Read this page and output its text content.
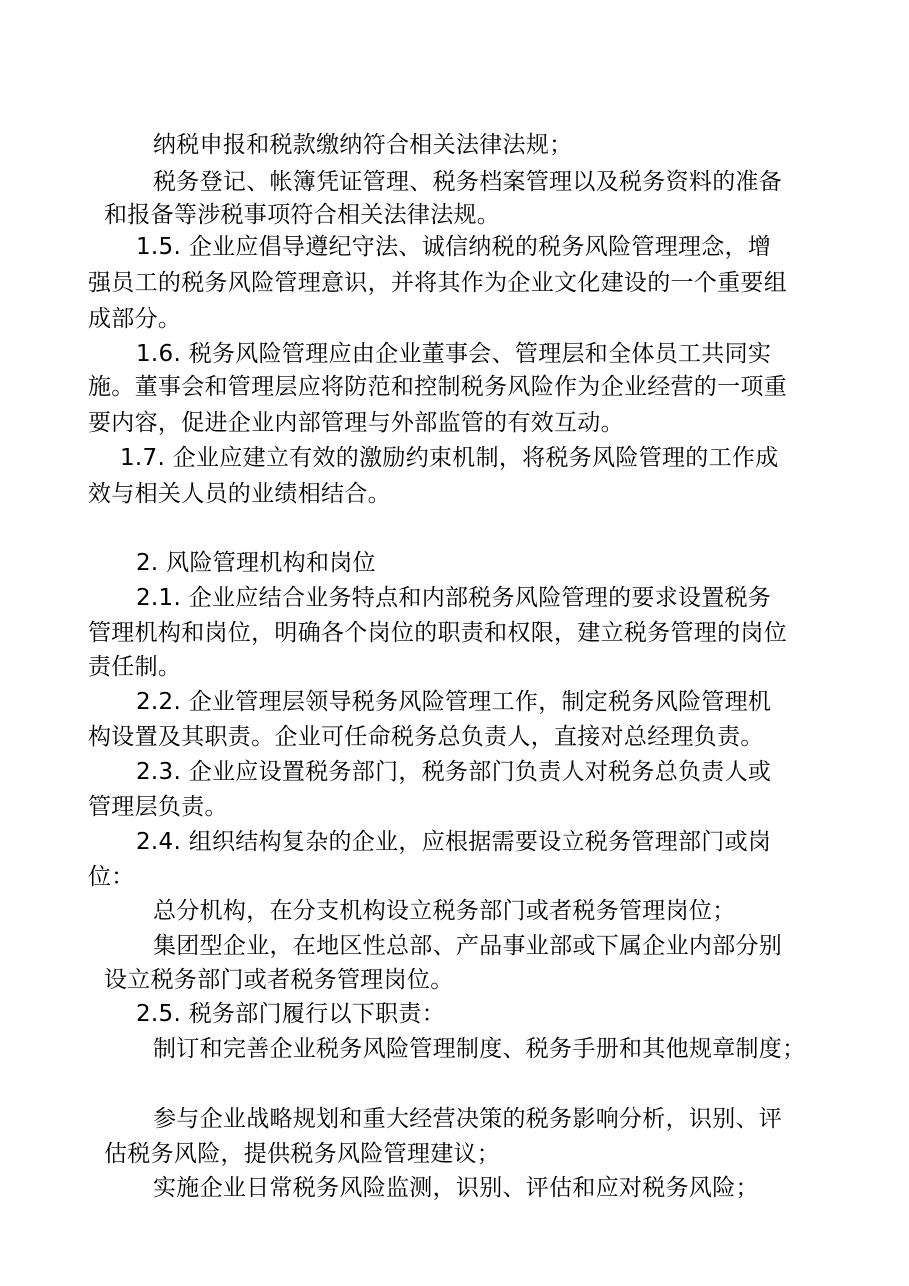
纳税申报和税款缴纳符合相关法律法规；
税务登记、帐簿凭证管理、税务档案管理以及税务资料的准备
和报备等涉税事项符合相关法律法规。
1.5. 企业应倡导遵纪守法、诚信纳税的税务风险管理理念，增
强员工的税务风险管理意识，并将其作为企业文化建设的一个重要组
成部分。
1.6. 税务风险管理应由企业董事会、管理层和全体员工共同实
施。董事会和管理层应将防范和控制税务风险作为企业经营的一项重
要内容，促进企业内部管理与外部监管的有效互动。
1.7. 企业应建立有效的激励约束机制，将税务风险管理的工作成
效与相关人员的业绩相结合。
2. 风险管理机构和岗位
2.1. 企业应结合业务特点和内部税务风险管理的要求设置税务
管理机构和岗位，明确各个岗位的职责和权限，建立税务管理的岗位
责任制。
2.2. 企业管理层领导税务风险管理工作，制定税务风险管理机
构设置及其职责。企业可任命税务总负责人，直接对总经理负责。
2.3. 企业应设置税务部门，税务部门负责人对税务总负责人或
管理层负责。
2.4. 组织结构复杂的企业，应根据需要设立税务管理部门或岗
位：
总分机构，在分支机构设立税务部门或者税务管理岗位；
集团型企业，在地区性总部、产品事业部或下属企业内部分别
设立税务部门或者税务管理岗位。
2.5. 税务部门履行以下职责：
制订和完善企业税务风险管理制度、税务手册和其他规章制度；
参与企业战略规划和重大经营决策的税务影响分析，识别、评
估税务风险，提供税务风险管理建议；
实施企业日常税务风险监测，识别、评估和应对税务风险；
